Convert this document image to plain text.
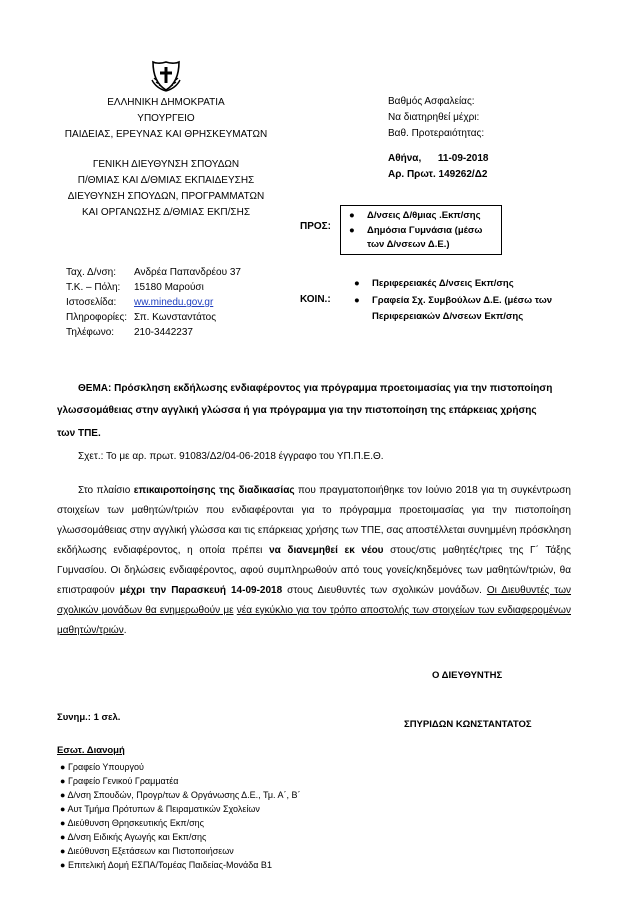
ΕΛΛΗΝΙΚΗ ΔΗΜΟΚΡΑΤΙΑ
ΥΠΟΥΡΓΕΙΟ
ΠΑΙΔΕΙΑΣ, ΕΡΕΥΝΑΣ ΚΑΙ ΘΡΗΣΚΕΥΜΑΤΩΝ
ΓΕΝΙΚΗ ΔΙΕΥΘΥΝΣΗ ΣΠΟΥΔΩΝ
Π/ΘΜΙΑΣ ΚΑΙ Δ/ΘΜΙΑΣ ΕΚΠΑΙΔΕΥΣΗΣ
ΔΙΕΥΘΥΝΣΗ ΣΠΟΥΔΩΝ, ΠΡΟΓΡΑΜΜΑΤΩΝ
ΚΑΙ ΟΡΓΑΝΩΣΗΣ Δ/ΘΜΙΑΣ ΕΚΠ/ΣΗΣ
Βαθμός Ασφαλείας:
Να διατηρηθεί μέχρι:
Βαθ. Προτεραιότητας:
Αθήνα,      11-09-2018
Αρ. Πρωτ. 149262/Δ2
ΠΡΟΣ:
● Δ/νσεις Δ/θμιας .Εκπ/σης
● Δημόσια Γυμνάσια (μέσω
των Δ/νσεων Δ.Ε.)
Ταχ. Δ/νση: Ανδρέα Παπανδρέου 37
Τ.Κ. – Πόλη: 15180 Μαρούσι
Ιστοσελίδα: ww.minedu.gov.gr
Πληροφορίες: Σπ. Κωνσταντάτος
Τηλέφωνο: 210-3442237
ΚΟΙΝ.:
● Περιφερειακές Δ/νσεις Εκπ/σης
● Γραφεία Σχ. Συμβούλων Δ.Ε. (μέσω των
Περιφερειακών Δ/νσεων Εκπ/σης
ΘΕΜΑ: Πρόσκληση εκδήλωσης ενδιαφέροντος για πρόγραμμα προετοιμασίας για την πιστοποίηση
γλωσσομάθειας στην αγγλική γλώσσα ή για πρόγραμμα για την πιστοποίηση της επάρκειας χρήσης
των ΤΠΕ.
Σχετ.: Το με αρ. πρωτ. 91083/Δ2/04-06-2018 έγγραφο του ΥΠ.Π.Ε.Θ.
Στο πλαίσιο επικαιροποίησης της διαδικασίας που πραγματοποιήθηκε τον Ιούνιο 2018 για τη συγκέντρωση στοιχείων των μαθητών/τριών που ενδιαφέρονται για το πρόγραμμα προετοιμασίας για την πιστοποίηση γλωσσομάθειας στην αγγλική γλώσσα και τις επάρκειας χρήσης των ΤΠΕ, σας αποστέλλεται συνημμένη πρόσκληση εκδήλωσης ενδιαφέροντος, η οποία πρέπει να διανεμηθεί εκ νέου στους/στις μαθητές/τριες της Γ΄ Τάξης Γυμνασίου. Οι δηλώσεις ενδιαφέροντος, αφού συμπληρωθούν από τους γονείς/κηδεμόνες των μαθητών/τριών, θα επιστραφούν μέχρι την Παρασκευή 14-09-2018 στους Διευθυντές των σχολικών μονάδων. Οι Διευθυντές των σχολικών μονάδων θα ενημερωθούν με νέα εγκύκλιο για τον τρόπο αποστολής των στοιχείων των ενδιαφερομένων μαθητών/τριών.
Ο ΔΙΕΥΘΥΝΤΗΣ
ΣΠΥΡΙΔΩΝ ΚΩΝΣΤΑΝΤΑΤΟΣ
Συνημ.: 1 σελ.
Εσωτ. Διανομή
● Γραφείο Υπουργού
● Γραφείο Γενικού Γραμματέα
● Δ/νση Σπουδών, Προγρ/των & Οργάνωσης Δ.Ε., Τμ. Α΄, Β΄
● Αυτ Τμήμα Πρότυπων & Πειραματικών Σχολείων
● Διεύθυνση Θρησκευτικής Εκπ/σης
● Δ/νση Ειδικής Αγωγής και Εκπ/σης
● Διεύθυνση Εξετάσεων και Πιστοποιήσεων
● Επιτελική Δομή ΕΣΠΑ/Τομέας Παιδείας-Μονάδα Β1
